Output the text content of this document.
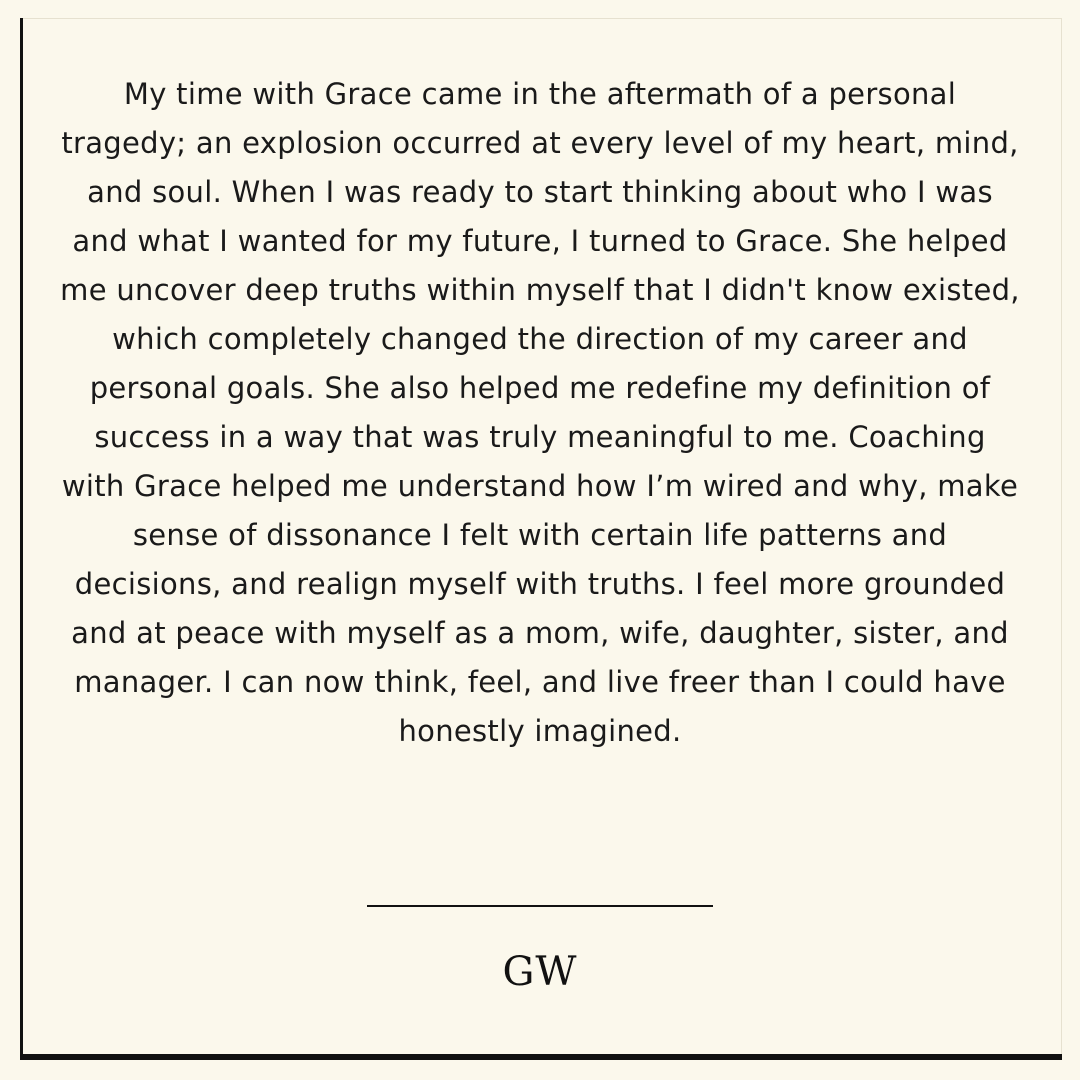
My time with Grace came in the aftermath of a personal tragedy; an explosion occurred at every level of my heart, mind, and soul. When I was ready to start thinking about who I was and what I wanted for my future, I turned to Grace. She helped me uncover deep truths within myself that I didn't know existed, which completely changed the direction of my career and personal goals. She also helped me redefine my definition of success in a way that was truly meaningful to me. Coaching with Grace helped me understand how I’m wired and why, make sense of dissonance I felt with certain life patterns and decisions, and realign myself with truths. I feel more grounded and at peace with myself as a mom, wife, daughter, sister, and manager. I can now think, feel, and live freer than I could have honestly imagined.

GW
